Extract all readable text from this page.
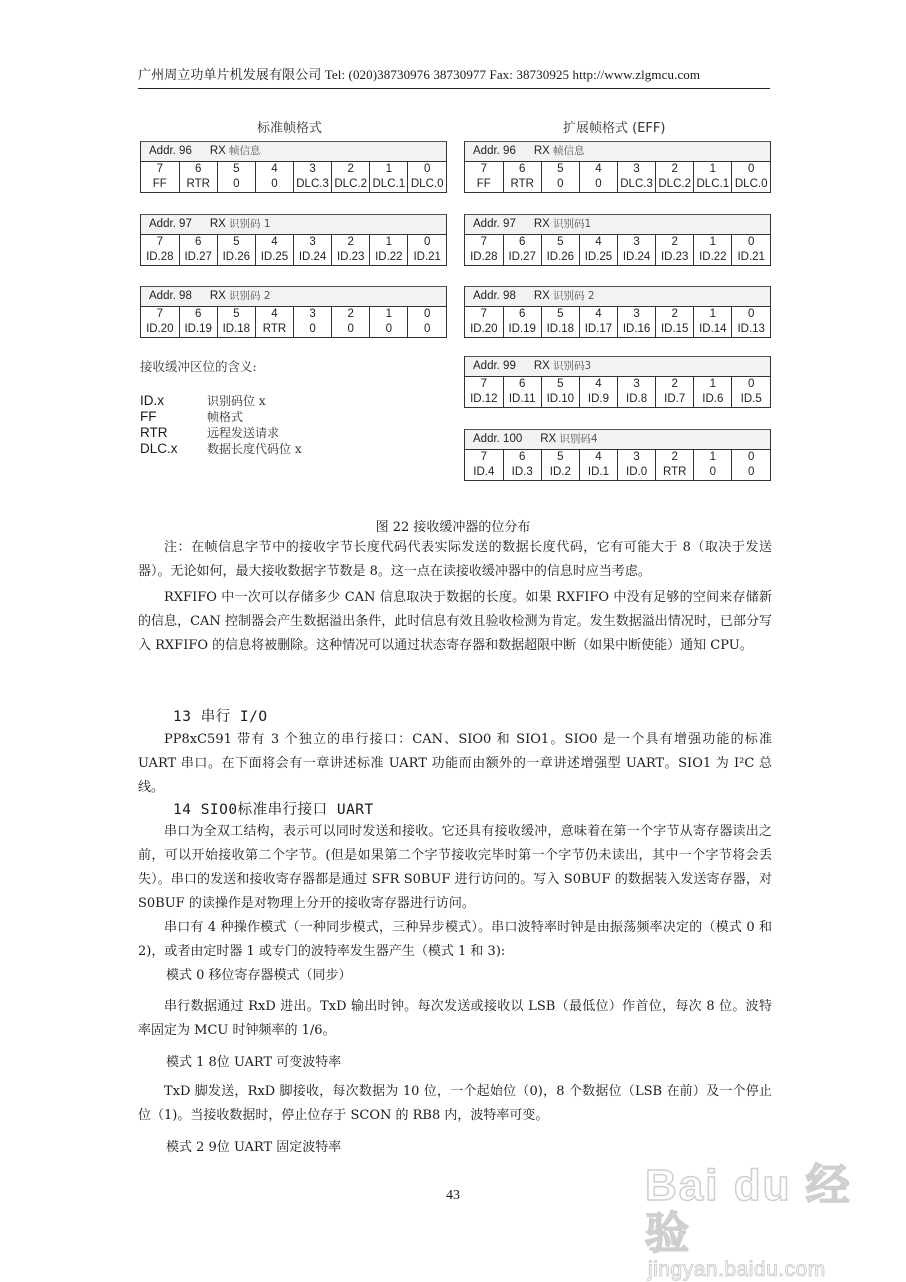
广州周立功单片机发展有限公司 Tel: (020)38730976 38730977 Fax: 38730925 http://www.zlgmcu.com
标准帧格式	扩展帧格式 (EFF)
Addr. 96 RX 帧信息
7	6	5	4	3	2	1	0
FF	RTR	0	0	DLC.3	DLC.2	DLC.1	DLC.0
Addr. 97 RX 识别码 1
7	6	5	4	3	2	1	0
ID.28	ID.27	ID.26	ID.25	ID.24	ID.23	ID.22	ID.21
Addr. 98 RX 识别码 2
7	6	5	4	3	2	1	0
ID.20	ID.19	ID.18	RTR	0	0	0	0
Addr. 96 RX 帧信息
7	6	5	4	3	2	1	0
FF	RTR	0	0	DLC.3	DLC.2	DLC.1	DLC.0
Addr. 97 RX 识别码1
7	6	5	4	3	2	1	0
ID.28	ID.27	ID.26	ID.25	ID.24	ID.23	ID.22	ID.21
Addr. 98 RX 识别码 2
7	6	5	4	3	2	1	0
ID.20	ID.19	ID.18	ID.17	ID.16	ID.15	ID.14	ID.13
Addr. 99 RX 识别码3
7	6	5	4	3	2	1	0
ID.12	ID.11	ID.10	ID.9	ID.8	ID.7	ID.6	ID.5
Addr. 100 RX 识别码4
7	6	5	4	3	2	1	0
ID.4	ID.3	ID.2	ID.1	ID.0	RTR	0	0
接收缓冲区位的含义:
ID.x	识别码位 x
FF	帧格式
RTR	远程发送请求
DLC.x	数据长度代码位 x
图 22 接收缓冲器的位分布

注：在帧信息字节中的接收字节长度代码代表实际发送的数据长度代码，它有可能大于 8（取决于发送器）。无论如何，最大接收数据字节数是 8。这一点在读接收缓冲器中的信息时应当考虑。

RXFIFO 中一次可以存储多少 CAN 信息取决于数据的长度。如果 RXFIFO 中没有足够的空间来存储新的信息，CAN 控制器会产生数据溢出条件，此时信息有效且验收检测为肯定。发生数据溢出情况时，已部分写入 RXFIFO 的信息将被删除。这种情况可以通过状态寄存器和数据超限中断（如果中断使能）通知 CPU。

13 串行 I/O

PP8xC591 带有 3 个独立的串行接口：CAN、SIO0 和 SIO1。SIO0 是一个具有增强功能的标准 UART 串口。在下面将会有一章讲述标准 UART 功能而由额外的一章讲述增强型 UART。SIO1 为 I²C 总线。

14 SIO0标准串行接口 UART

串口为全双工结构，表示可以同时发送和接收。它还具有接收缓冲，意味着在第一个字节从寄存器读出之前，可以开始接收第二个字节。(但是如果第二个字节接收完毕时第一个字节仍未读出，其中一个字节将会丢失）。串口的发送和接收寄存器都是通过 SFR S0BUF 进行访问的。写入 S0BUF 的数据装入发送寄存器，对 S0BUF 的读操作是对物理上分开的接收寄存器进行访问。

串口有 4 种操作模式（一种同步模式，三种异步模式）。串口波特率时钟是由振荡频率决定的（模式 0 和 2)，或者由定时器 1 或专门的波特率发生器产生（模式 1 和 3):

模式 0 移位寄存器模式（同步）

串行数据通过 RxD 进出。TxD 输出时钟。每次发送或接收以 LSB（最低位）作首位，每次 8 位。波特率固定为 MCU 时钟频率的 1/6。

模式 1 8位 UART 可变波特率

TxD 脚发送，RxD 脚接收，每次数据为 10 位，一个起始位（0)，8 个数据位（LSB 在前）及一个停止位（1)。当接收数据时，停止位存于 SCON 的 RB8 内，波特率可变。

模式 2 9位 UART 固定波特率
43	Bai du 经验
jingyan.baidu.com
